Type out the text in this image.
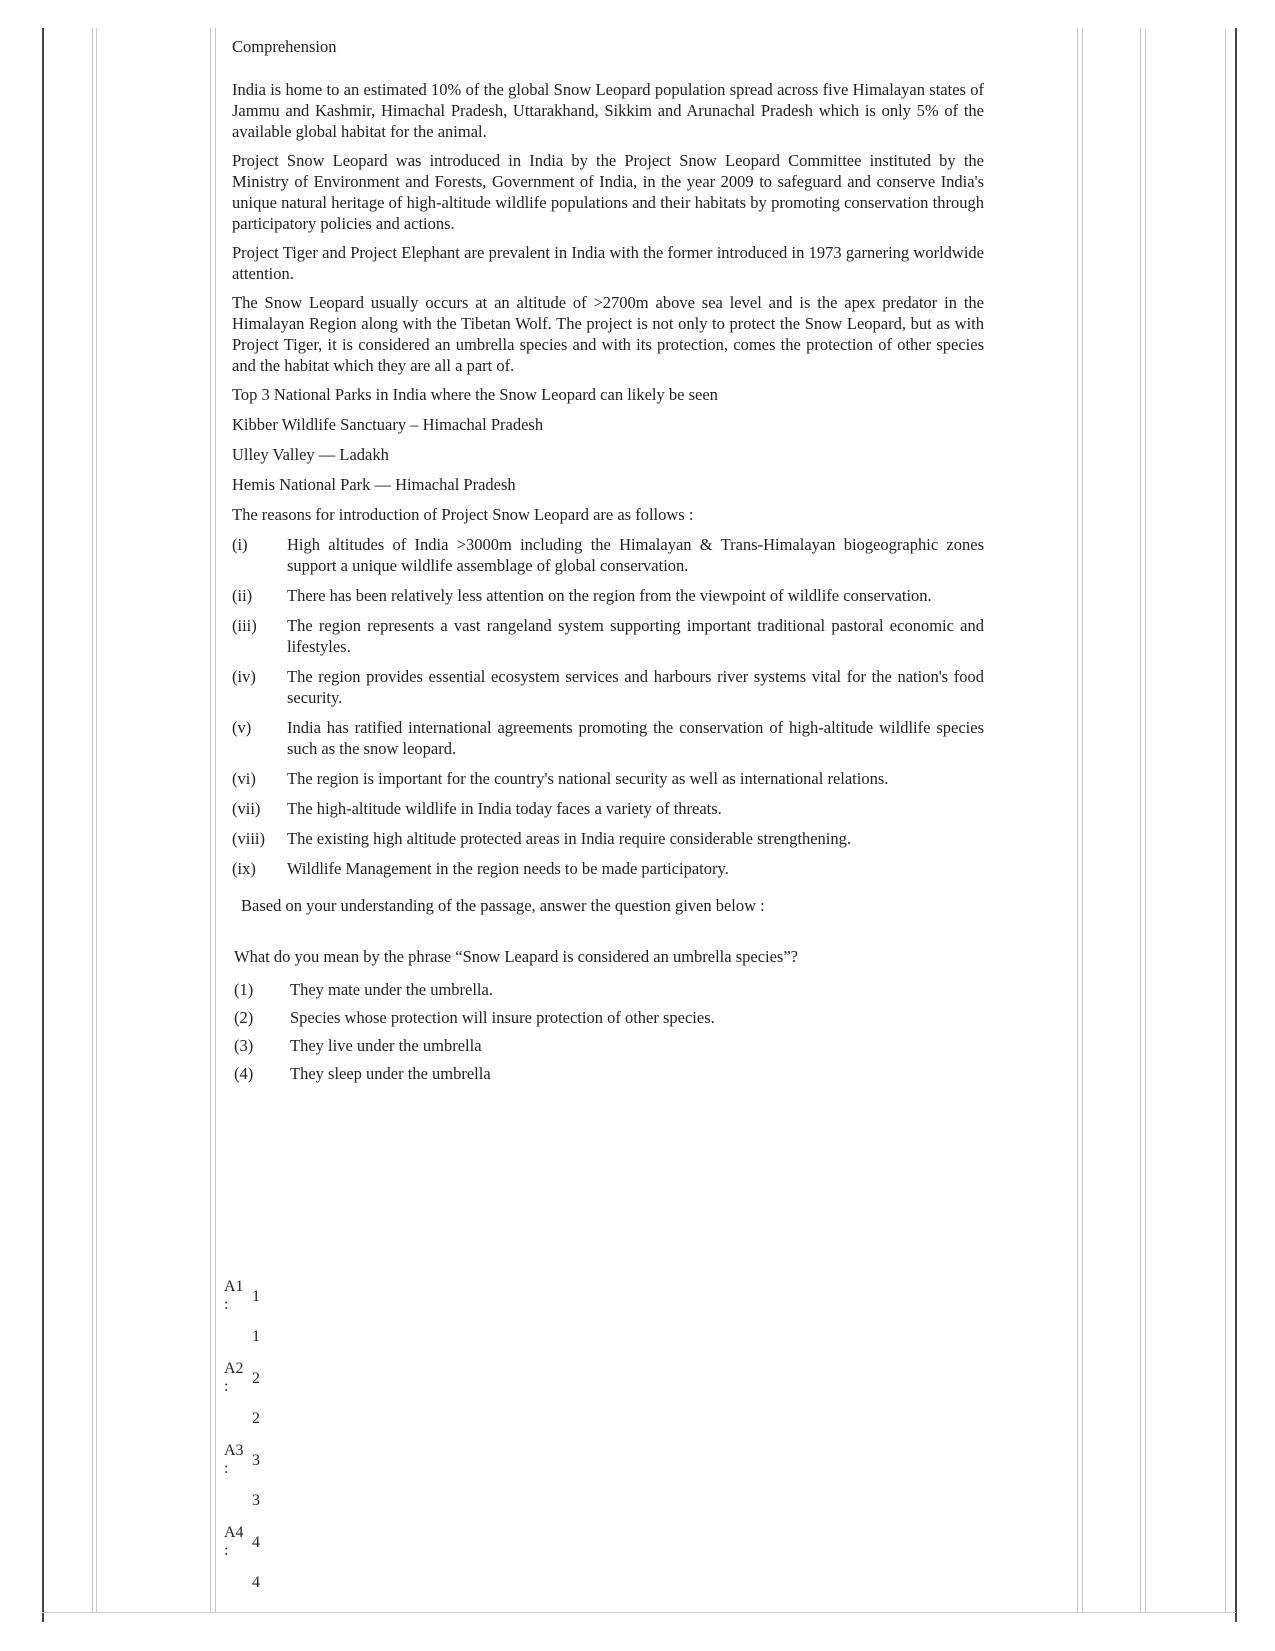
Comprehension

India is home to an estimated 10% of the global Snow Leopard population spread across five Himalayan states of Jammu and Kashmir, Himachal Pradesh, Uttarakhand, Sikkim and Arunachal Pradesh which is only 5% of the available global habitat for the animal.

Project Snow Leopard was introduced in India by the Project Snow Leopard Committee instituted by the Ministry of Environment and Forests, Government of India, in the year 2009 to safeguard and conserve India's unique natural heritage of high-altitude wildlife populations and their habitats by promoting conservation through participatory policies and actions.

Project Tiger and Project Elephant are prevalent in India with the former introduced in 1973 garnering worldwide attention.

The Snow Leopard usually occurs at an altitude of >2700m above sea level and is the apex predator in the Himalayan Region along with the Tibetan Wolf. The project is not only to protect the Snow Leopard, but as with Project Tiger, it is considered an umbrella species and with its protection, comes the protection of other species and the habitat which they are all a part of.

Top 3 National Parks in India where the Snow Leopard can likely be seen
Kibber Wildlife Sanctuary – Himachal Pradesh
Ulley Valley — Ladakh
Hemis National Park — Himachal Pradesh
The reasons for introduction of Project Snow Leopard are as follows :
(i)	High altitudes of India >3000m including the Himalayan & Trans-Himalayan biogeographic zones support a unique wildlife assemblage of global conservation.
(ii)	There has been relatively less attention on the region from the viewpoint of wildlife conservation.
(iii)	The region represents a vast rangeland system supporting important traditional pastoral economic and lifestyles.
(iv)	The region provides essential ecosystem services and harbours river systems vital for the nation's food security.
(v)	India has ratified international agreements promoting the conservation of high-altitude wildlife species such as the snow leopard.
(vi)	The region is important for the country's national security as well as international relations.
(vii)	The high-altitude wildlife in India today faces a variety of threats.
(viii)	The existing high altitude protected areas in India require considerable strengthening.
(ix)	Wildlife Management in the region needs to be made participatory.
Based on your understanding of the passage, answer the question given below :
What do you mean by the phrase “Snow Leapard is considered an umbrella species”?
(1)	They mate under the umbrella.
(2)	Species whose protection will insure protection of other species.
(3)	They live under the umbrella
(4)	They sleep under the umbrella
A1
: 1
1
A2
: 2
2
A3
: 3
3
A4
: 4
4
